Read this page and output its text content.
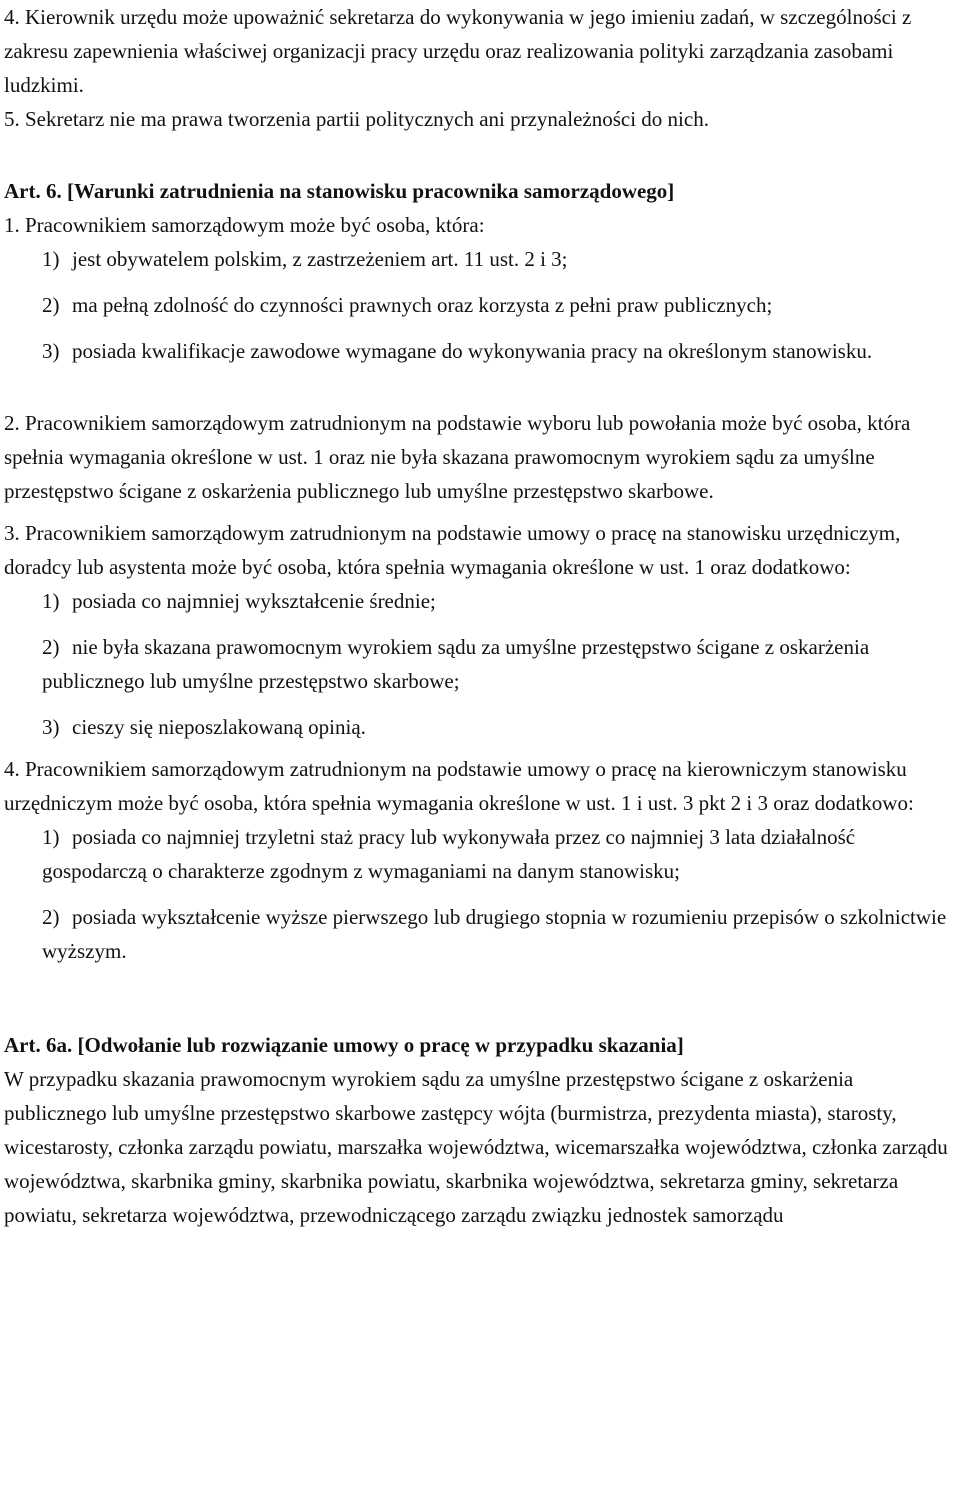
4. Kierownik urzędu może upoważnić sekretarza do wykonywania w jego imieniu zadań, w szczególności z zakresu zapewnienia właściwej organizacji pracy urzędu oraz realizowania polityki zarządzania zasobami ludzkimi.

5. Sekretarz nie ma prawa tworzenia partii politycznych ani przynależności do nich.

Art. 6. [Warunki zatrudnienia na stanowisku pracownika samorządowego]

1. Pracownikiem samorządowym może być osoba, która:

1) jest obywatelem polskim, z zastrzeżeniem art. 11 ust. 2 i 3;
2) ma pełną zdolność do czynności prawnych oraz korzysta z pełni praw publicznych;
3) posiada kwalifikacje zawodowe wymagane do wykonywania pracy na określonym stanowisku.

2. Pracownikiem samorządowym zatrudnionym na podstawie wyboru lub powołania może być osoba, która spełnia wymagania określone w ust. 1 oraz nie była skazana prawomocnym wyrokiem sądu za umyślne przestępstwo ścigane z oskarżenia publicznego lub umyślne przestępstwo skarbowe.

3. Pracownikiem samorządowym zatrudnionym na podstawie umowy o pracę na stanowisku urzędniczym, doradcy lub asystenta może być osoba, która spełnia wymagania określone w ust. 1 oraz dodatkowo:

1) posiada co najmniej wykształcenie średnie;
2) nie była skazana prawomocnym wyrokiem sądu za umyślne przestępstwo ścigane z oskarżenia publicznego lub umyślne przestępstwo skarbowe;
3) cieszy się nieposzlakowaną opinią.

4. Pracownikiem samorządowym zatrudnionym na podstawie umowy o pracę na kierowniczym stanowisku urzędniczym może być osoba, która spełnia wymagania określone w ust. 1 i ust. 3 pkt 2 i 3 oraz dodatkowo:

1) posiada co najmniej trzyletni staż pracy lub wykonywała przez co najmniej 3 lata działalność gospodarczą o charakterze zgodnym z wymaganiami na danym stanowisku;
2) posiada wykształcenie wyższe pierwszego lub drugiego stopnia w rozumieniu przepisów o szkolnictwie wyższym.

Art. 6a. [Odwołanie lub rozwiązanie umowy o pracę w przypadku skazania]

W przypadku skazania prawomocnym wyrokiem sądu za umyślne przestępstwo ścigane z oskarżenia publicznego lub umyślne przestępstwo skarbowe zastępcy wójta (burmistrza, prezydenta miasta), starosty, wicestarosty, członka zarządu powiatu, marszałka województwa, wicemarszałka województwa, członka zarządu województwa, skarbnika gminy, skarbnika powiatu, skarbnika województwa, sekretarza gminy, sekretarza powiatu, sekretarza województwa, przewodniczącego zarządu związku jednostek samorządu
